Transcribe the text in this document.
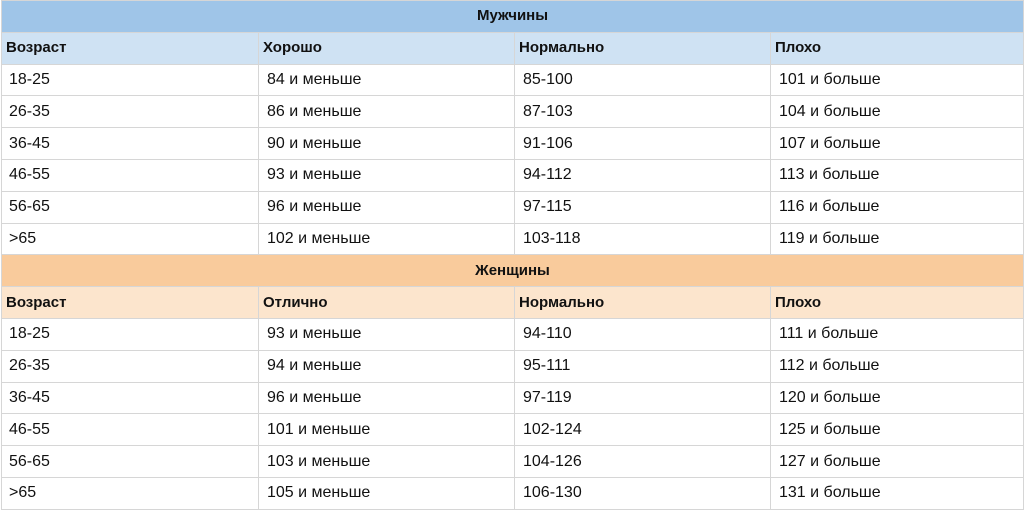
Мужчины			
Возраст	Хорошо	Нормально	Плохо
18-25	84 и меньше	85-100	101 и больше
26-35	86 и меньше	87-103	104 и больше
36-45	90 и меньше	91-106	107 и больше
46-55	93 и меньше	94-112	113 и больше
56-65	96 и меньше	97-115	116 и больше
>65	102 и меньше	103-118	119 и больше
Женщины			
Возраст	Отлично	Нормально	Плохо
18-25	93 и меньше	94-110	111 и больше
26-35	94 и меньше	95-111	112 и больше
36-45	96 и меньше	97-119	120 и больше
46-55	101 и меньше	102-124	125 и больше
56-65	103 и меньше	104-126	127 и больше
>65	105 и меньше	106-130	131 и больше
